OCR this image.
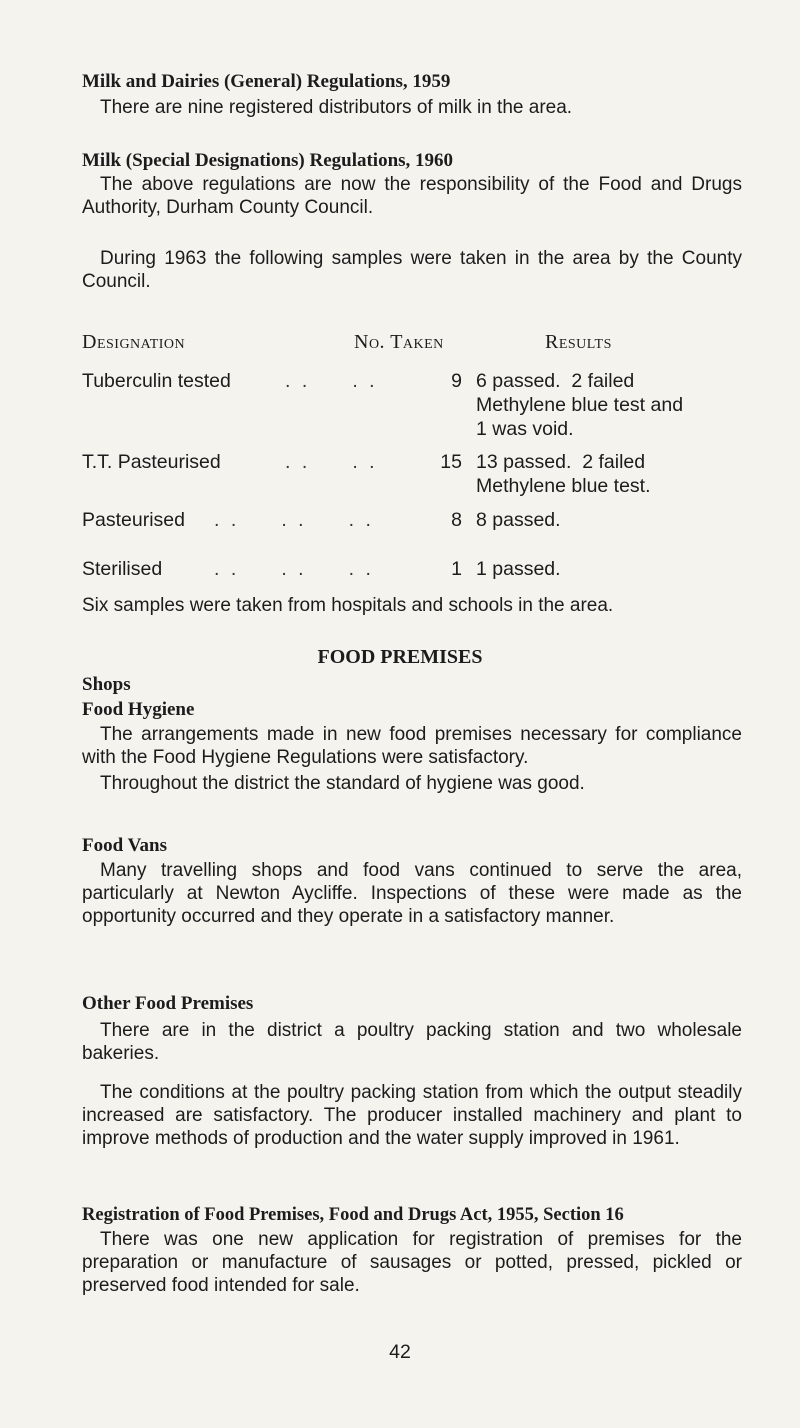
Milk and Dairies (General) Regulations, 1959

There are nine registered distributors of milk in the area.

Milk (Special Designations) Regulations, 1960

The above regulations are now the responsibility of the Food and Drugs Authority, Durham County Council.

During 1963 the following samples were taken in the area by the County Council.

Designation	No. Taken	Results

Tuberculin tested	. .     . .	9 6 passed.  2 failed

Methylene blue test and

1 was void.

T.T. Pasteurised	. .     . .	15 13 passed.  2 failed

Methylene blue test.

Pasteurised . .     . .     . .	8 8 passed.

Sterilised	. .     . .     . .	1 1 passed.

Six samples were taken from hospitals and schools in the area.

FOOD PREMISES

Shops

Food Hygiene

The arrangements made in new food premises necessary for compliance with the Food Hygiene Regulations were satisfactory.

Throughout the district the standard of hygiene was good.

Food Vans

Many travelling shops and food vans continued to serve the area, particularly at Newton Aycliffe. Inspections of these were made as the opportunity occurred and they operate in a satisfactory manner.

Other Food Premises

There are in the district a poultry packing station and two wholesale bakeries.

The conditions at the poultry packing station from which the output steadily increased are satisfactory. The producer installed machinery and plant to improve methods of production and the water supply improved in 1961.

Registration of Food Premises, Food and Drugs Act, 1955, Section 16

There was one new application for registration of premises for the preparation or manufacture of sausages or potted, pressed, pickled or preserved food intended for sale.

42
